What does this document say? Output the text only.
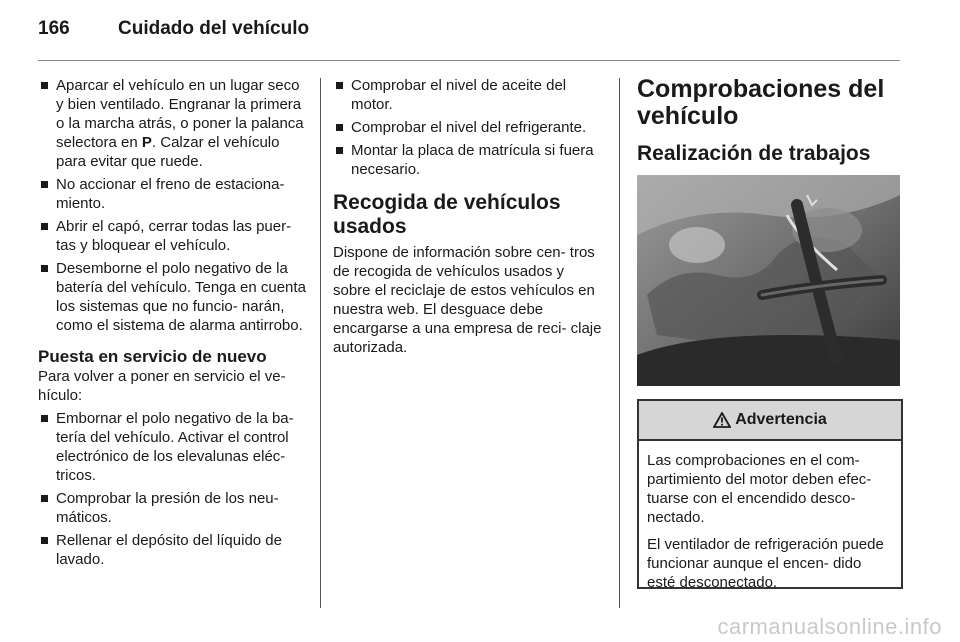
166	Cuidado del vehículo
Aparcar el vehículo en un lugar seco y bien ventilado. Engranar la primera o la marcha atrás, o poner la palanca selectora en P. Calzar el vehículo para evitar que ruede.
No accionar el freno de estaciona- miento.
Abrir el capó, cerrar todas las puer- tas y bloquear el vehículo.
Desemborne el polo negativo de la batería del vehículo. Tenga en cuenta los sistemas que no funcio- narán, como el sistema de alarma antirrobo.
Puesta en servicio de nuevo

Para volver a poner en servicio el ve- hículo:

Embornar el polo negativo de la ba- tería del vehículo. Activar el control electrónico de los elevalunas eléc- tricos.
Comprobar la presión de los neu- máticos.
Rellenar el depósito del líquido de lavado.
Comprobar el nivel de aceite del motor.
Comprobar el nivel del refrigerante.
Montar la placa de matrícula si fuera necesario.
Recogida de vehículos usados

Dispone de información sobre cen- tros de recogida de vehículos usados y sobre el reciclaje de estos vehículos en nuestra web. El desguace debe encargarse a una empresa de reci- claje autorizada.

Comprobaciones del vehículo
Realización de trabajos
Advertencia

Las comprobaciones en el com- partimiento del motor deben efec- tuarse con el encendido desco- nectado.

El ventilador de refrigeración puede funcionar aunque el encen- dido esté desconectado.

carmanualsonline.info
